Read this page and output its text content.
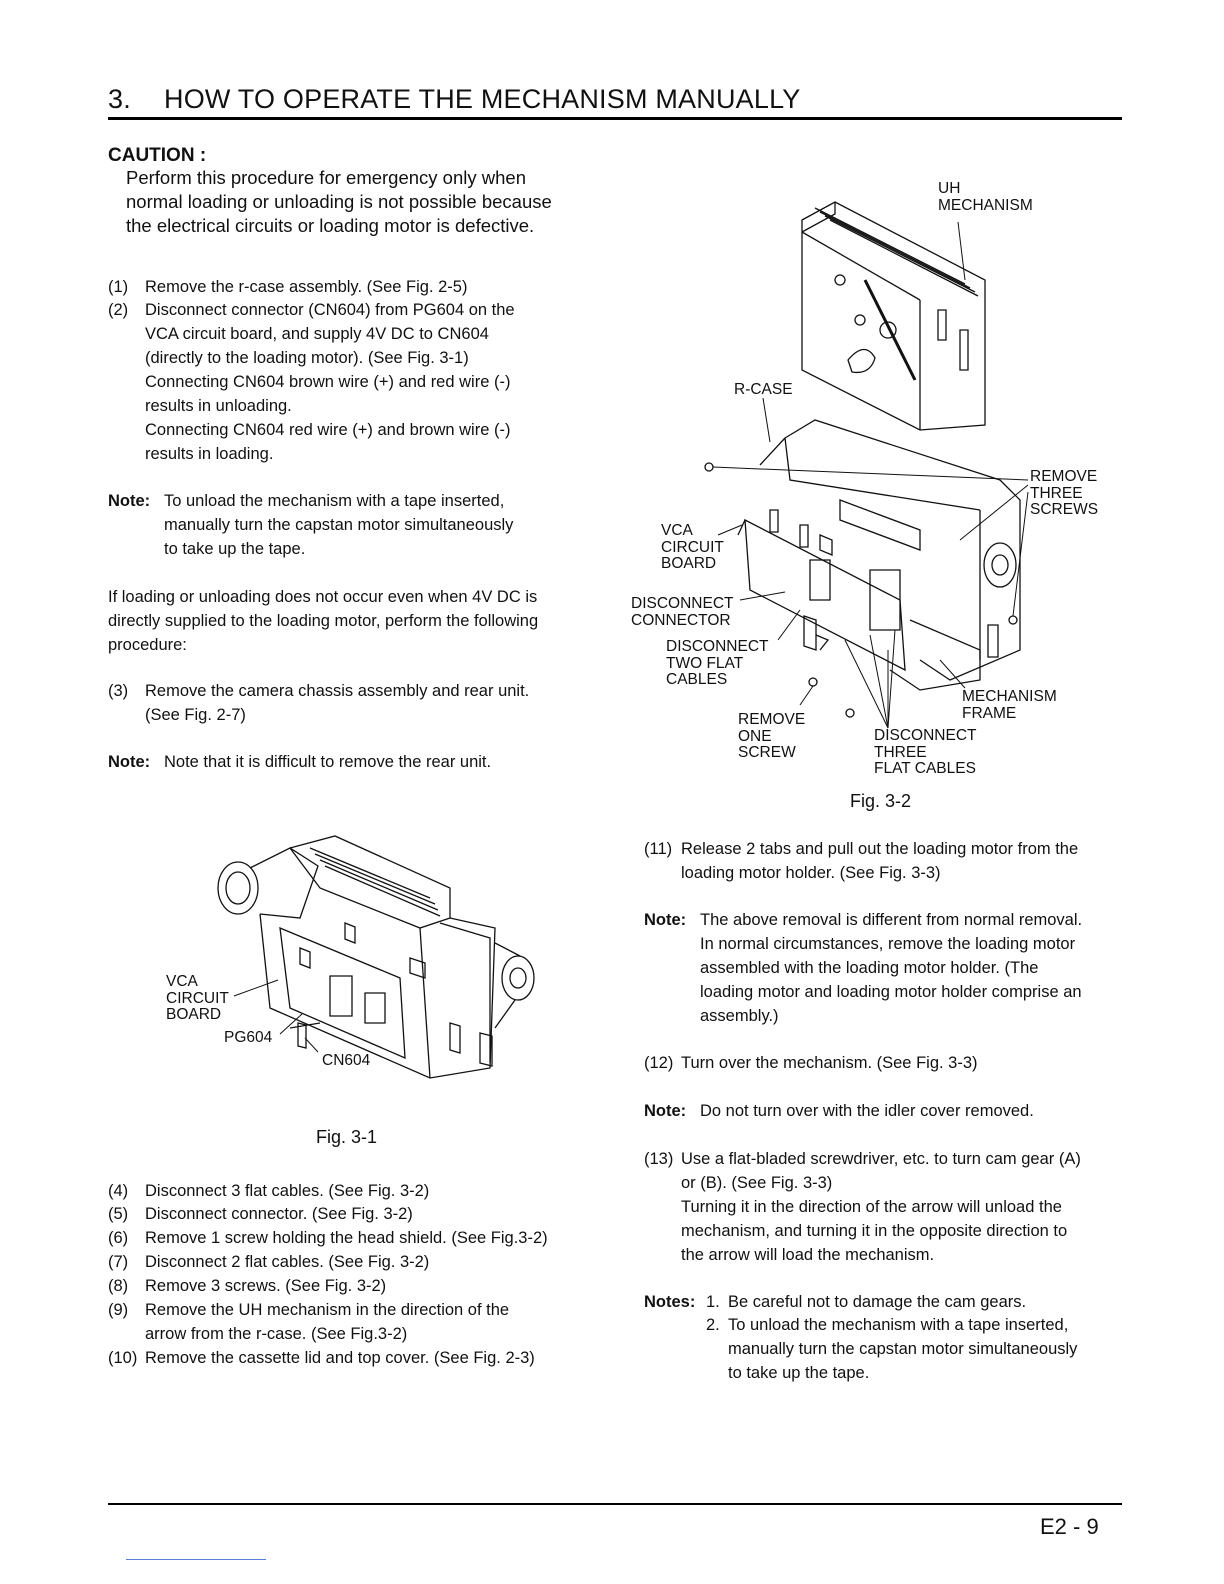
3. HOW TO OPERATE THE MECHANISM MANUALLY
CAUTION :
Perform this procedure for emergency only when normal loading or unloading is not possible because the electrical circuits or loading motor is defective.
(1) Remove the r-case assembly. (See Fig. 2-5)
(2) Disconnect connector (CN604) from PG604 on the
VCA circuit board, and supply 4V DC to CN604
(directly to the loading motor). (See Fig. 3-1)
Connecting CN604 brown wire (+) and red wire (-)
results in unloading.
Connecting CN604 red wire (+) and brown wire (-)
results in loading.
Note: To unload the mechanism with a tape inserted,
manually turn the capstan motor simultaneously
to take up the tape.
If loading or unloading does not occur even when 4V DC is
directly supplied to the loading motor, perform the following
procedure:
(3) Remove the camera chassis assembly and rear unit.
(See Fig. 2-7)
Note: Note that it is difficult to remove the rear unit.
VCA
CIRCUIT
BOARD
PG604
CN604
Fig. 3-1
(4) Disconnect 3 flat cables. (See Fig. 3-2)
(5) Disconnect connector. (See Fig. 3-2)
(6) Remove 1 screw holding the head shield. (See Fig.3-2)
(7) Disconnect 2 flat cables. (See Fig. 3-2)
(8) Remove 3 screws. (See Fig. 3-2)
(9) Remove the UH mechanism in the direction of the
arrow from the r-case. (See Fig.3-2)
(10) Remove the cassette lid and top cover. (See Fig. 2-3)
UH
MECHANISM
R-CASE
REMOVE
THREE
SCREWS
VCA
CIRCUIT
BOARD
DISCONNECT
CONNECTOR
DISCONNECT
TWO FLAT
CABLES
MECHANISM
FRAME
REMOVE
ONE
SCREW
DISCONNECT
THREE
FLAT CABLES
Fig. 3-2
(11) Release 2 tabs and pull out the loading motor from the
loading motor holder. (See Fig. 3-3)
Note: The above removal is different from normal removal.
In normal circumstances, remove the loading motor
assembled with the loading motor holder. (The
loading motor and loading motor holder comprise an
assembly.)
(12) Turn over the mechanism. (See Fig. 3-3)
Note: Do not turn over with the idler cover removed.
(13) Use a flat-bladed screwdriver, etc. to turn cam gear (A)
or (B). (See Fig. 3-3)
Turning it in the direction of the arrow will unload the
mechanism, and turning it in the opposite direction to
the arrow will load the mechanism.
Notes: 1. Be careful not to damage the cam gears.
2. To unload the mechanism with a tape inserted,
manually turn the capstan motor simultaneously
to take up the tape.
E2 - 9
